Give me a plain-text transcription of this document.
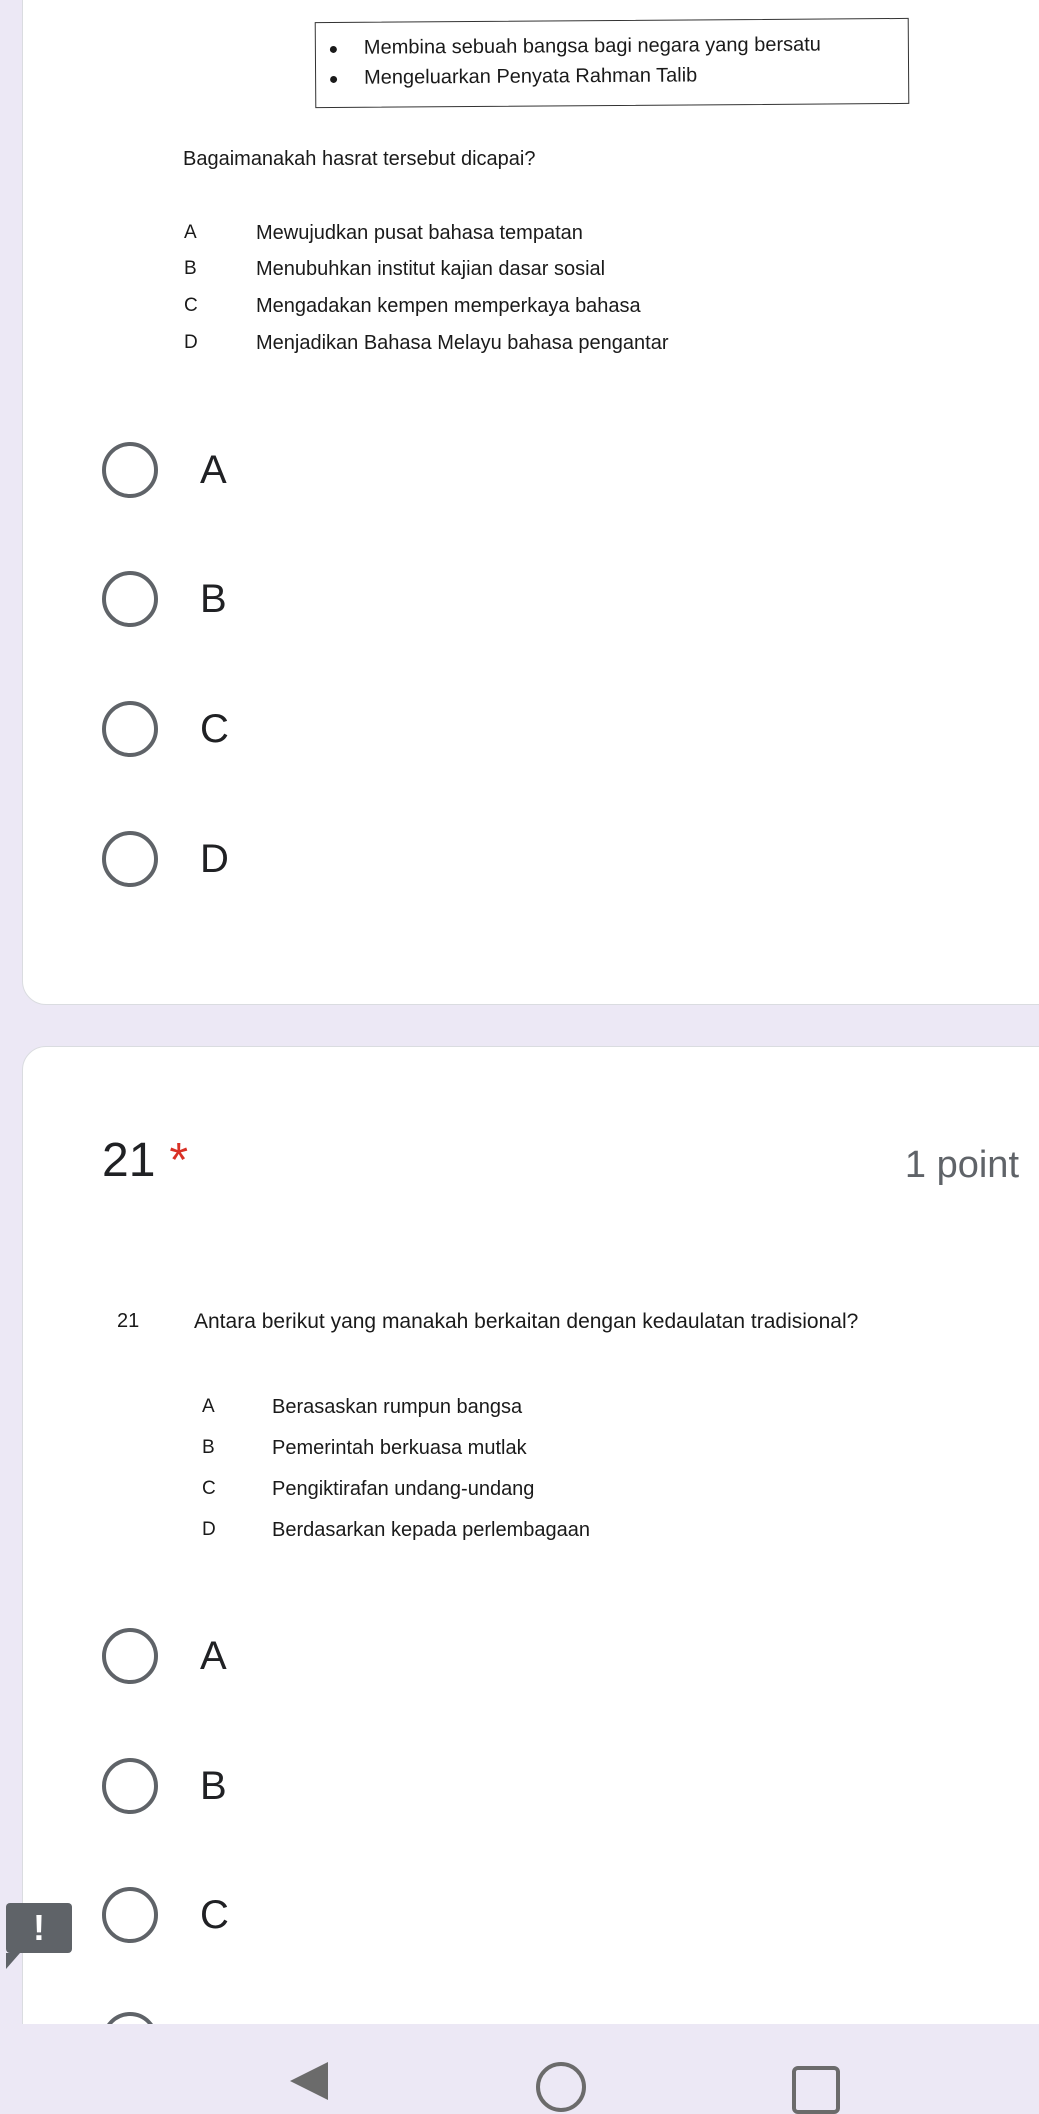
Membina sebuah bangsa bagi negara yang bersatu
Mengeluarkan Penyata Rahman Talib
Bagaimanakah hasrat tersebut dicapai?
A	Mewujudkan pusat bahasa tempatan
B	Menubuhkan institut kajian dasar sosial
C	Mengadakan kempen memperkaya bahasa
D	Menjadikan Bahasa Melayu bahasa pengantar
A
B
C
D
21 *	1 point
21	Antara berikut yang manakah berkaitan dengan kedaulatan tradisional?
A	Berasaskan rumpun bangsa
B	Pemerintah berkuasa mutlak
C	Pengiktirafan undang-undang
D	Berdasarkan kepada perlembagaan
A
B
C
!
